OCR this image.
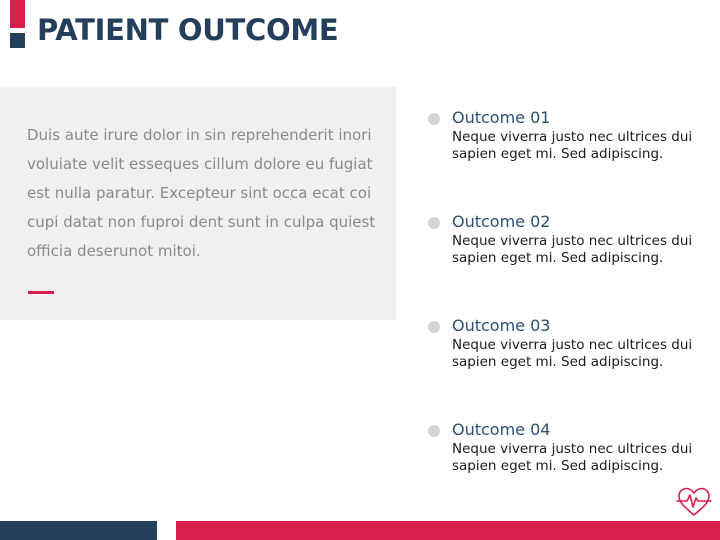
PATIENT OUTCOME

Duis aute irure dolor in sin reprehenderit inori voluiate velit esseques cillum dolore eu fugiat est nulla paratur. Excepteur sint occa ecat coi cupi datat non fuproi dent sunt in culpa quiest officia deserunot mitoi.

Outcome 01

Neque viverra justo nec ultrices dui sapien eget mi. Sed adipiscing.

Outcome 02

Neque viverra justo nec ultrices dui sapien eget mi. Sed adipiscing.

Outcome 03

Neque viverra justo nec ultrices dui sapien eget mi. Sed adipiscing.

Outcome 04

Neque viverra justo nec ultrices dui sapien eget mi. Sed adipiscing.
